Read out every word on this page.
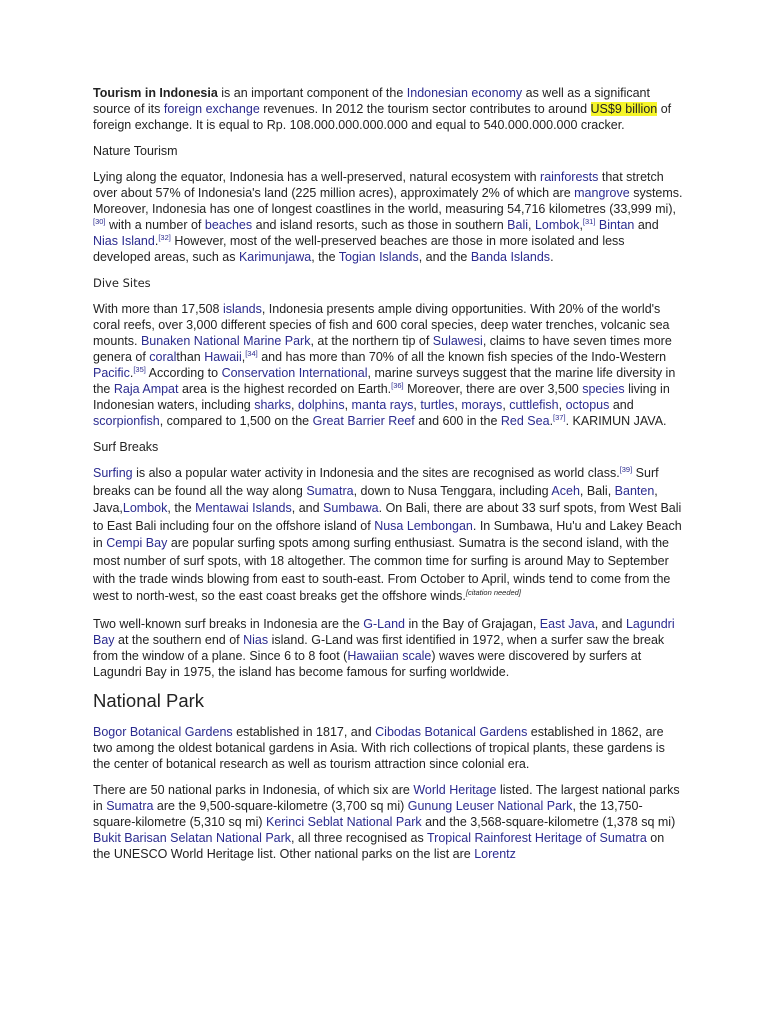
Tourism in Indonesia is an important component of the Indonesian economy as well as a significant source of its foreign exchange revenues. In 2012 the tourism sector contributes to around US$9 billion of foreign exchange. It is equal to Rp. 108.000.000.000.000 and equal to 540.000.000.000 cracker.

Nature Tourism

Lying along the equator, Indonesia has a well-preserved, natural ecosystem with rainforests that stretch over about 57% of Indonesia's land (225 million acres), approximately 2% of which are mangrove systems. Moreover, Indonesia has one of longest coastlines in the world, measuring 54,716 kilometres (33,999 mi),[30] with a number of beaches and island resorts, such as those in southern Bali, Lombok,[31] Bintan and Nias Island.[32] However, most of the well-preserved beaches are those in more isolated and less developed areas, such as Karimunjawa, the Togian Islands, and the Banda Islands.

Dive Sites

With more than 17,508 islands, Indonesia presents ample diving opportunities. With 20% of the world's coral reefs, over 3,000 different species of fish and 600 coral species, deep water trenches, volcanic sea mounts. Bunaken National Marine Park, at the northern tip of Sulawesi, claims to have seven times more genera of coralthan Hawaii,[34] and has more than 70% of all the known fish species of the Indo-Western Pacific.[35] According to Conservation International, marine surveys suggest that the marine life diversity in the Raja Ampat area is the highest recorded on Earth.[36] Moreover, there are over 3,500 species living in Indonesian waters, including sharks, dolphins, manta rays, turtles, morays, cuttlefish, octopus and scorpionfish, compared to 1,500 on the Great Barrier Reef and 600 in the Red Sea.[37]. KARIMUN JAVA.

Surf Breaks

Surfing is also a popular water activity in Indonesia and the sites are recognised as world class.[39] Surf breaks can be found all the way along Sumatra, down to Nusa Tenggara, including Aceh, Bali, Banten, Java,Lombok, the Mentawai Islands, and Sumbawa. On Bali, there are about 33 surf spots, from West Bali to East Bali including four on the offshore island of Nusa Lembongan. In Sumbawa, Hu'u and Lakey Beach in Cempi Bay are popular surfing spots among surfing enthusiast. Sumatra is the second island, with the most number of surf spots, with 18 altogether. The common time for surfing is around May to September with the trade winds blowing from east to south-east. From October to April, winds tend to come from the west to north-west, so the east coast breaks get the offshore winds.[citation needed]

Two well-known surf breaks in Indonesia are the G-Land in the Bay of Grajagan, East Java, and Lagundri Bay at the southern end of Nias island. G-Land was first identified in 1972, when a surfer saw the break from the window of a plane. Since 6 to 8 foot (Hawaiian scale) waves were discovered by surfers at Lagundri Bay in 1975, the island has become famous for surfing worldwide.

National Park

Bogor Botanical Gardens established in 1817, and Cibodas Botanical Gardens established in 1862, are two among the oldest botanical gardens in Asia. With rich collections of tropical plants, these gardens is the center of botanical research as well as tourism attraction since colonial era.

There are 50 national parks in Indonesia, of which six are World Heritage listed. The largest national parks in Sumatra are the 9,500-square-kilometre (3,700 sq mi) Gunung Leuser National Park, the 13,750-square-kilometre (5,310 sq mi) Kerinci Seblat National Park and the 3,568-square-kilometre (1,378 sq mi) Bukit Barisan Selatan National Park, all three recognised as Tropical Rainforest Heritage of Sumatra on the UNESCO World Heritage list. Other national parks on the list are Lorentz
